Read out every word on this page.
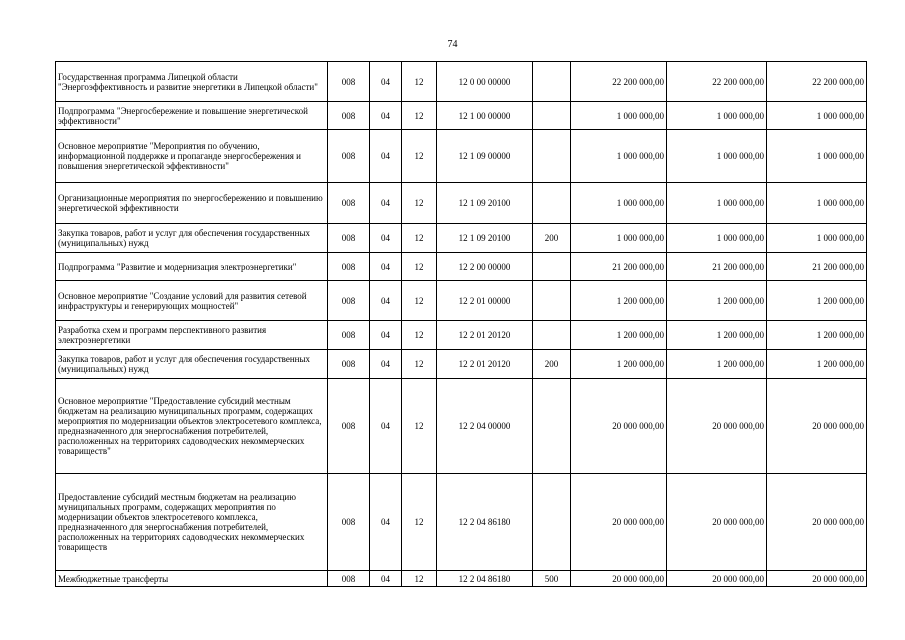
74
Государственная программа Липецкой области "Энергоэффективность и развитие энергетики в Липецкой области"	008	04	12	12 0 00 00000		22 200 000,00	22 200 000,00	22 200 000,00
Подпрограмма "Энергосбережение и повышение энергетической эффективности"	008	04	12	12 1 00 00000		1 000 000,00	1 000 000,00	1 000 000,00
Основное мероприятие "Мероприятия по обучению, информационной поддержке и пропаганде энергосбережения и повышения энергетической эффективности"	008	04	12	12 1 09 00000		1 000 000,00	1 000 000,00	1 000 000,00
Организационные мероприятия по энергосбережению и повышению энергетической эффективности	008	04	12	12 1 09 20100		1 000 000,00	1 000 000,00	1 000 000,00
Закупка товаров, работ и услуг для обеспечения государственных (муниципальных) нужд	008	04	12	12 1 09 20100	200	1 000 000,00	1 000 000,00	1 000 000,00
Подпрограмма "Развитие и модернизация электроэнергетики"	008	04	12	12 2 00 00000		21 200 000,00	21 200 000,00	21 200 000,00
Основное мероприятие "Создание условий для развития сетевой инфраструктуры и генерирующих мощностей"	008	04	12	12 2 01 00000		1 200 000,00	1 200 000,00	1 200 000,00
Разработка схем и программ перспективного развития электроэнергетики	008	04	12	12 2 01 20120		1 200 000,00	1 200 000,00	1 200 000,00
Закупка товаров, работ и услуг для обеспечения государственных (муниципальных) нужд	008	04	12	12 2 01 20120	200	1 200 000,00	1 200 000,00	1 200 000,00
Основное мероприятие "Предоставление субсидий местным бюджетам на реализацию муниципальных программ, содержащих мероприятия по модернизации объектов электросетевого комплекса, предназначенного для энергоснабжения потребителей, расположенных на территориях садоводческих некоммерческих товариществ"	008	04	12	12 2 04 00000		20 000 000,00	20 000 000,00	20 000 000,00
Предоставление субсидий местным бюджетам на реализацию муниципальных программ, содержащих мероприятия по модернизации объектов электросетевого комплекса, предназначенного для энергоснабжения потребителей, расположенных на территориях садоводческих некоммерческих товариществ	008	04	12	12 2 04 86180		20 000 000,00	20 000 000,00	20 000 000,00
Межбюджетные трансферты	008	04	12	12 2 04 86180	500	20 000 000,00	20 000 000,00	20 000 000,00
